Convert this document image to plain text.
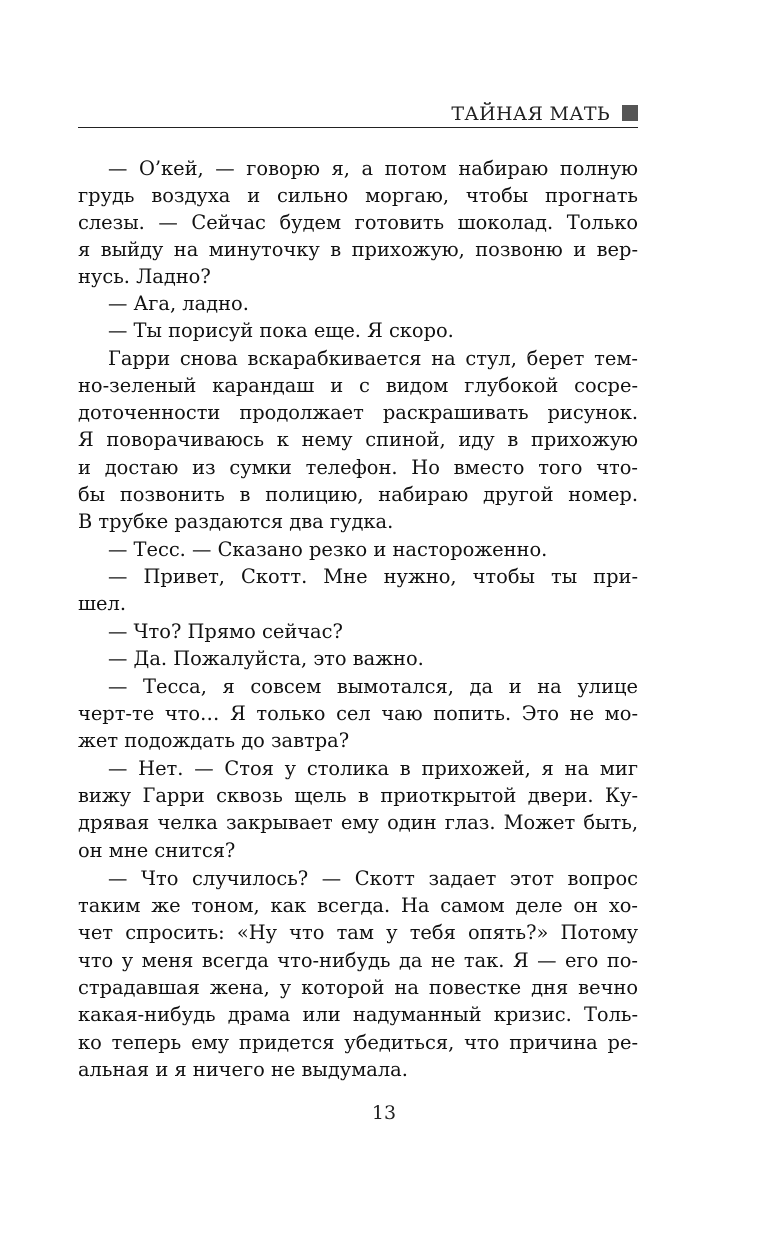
ТАЙНАЯ МАТЬ
— О’кей, — говорю я, а потом набираю полную
грудь воздуха и сильно моргаю, чтобы прогнать
слезы. — Сейчас будем готовить шоколад. Только
я выйду на минуточку в прихожую, позвоню и вер-
нусь. Ладно?
— Ага, ладно.
— Ты порисуй пока еще. Я скоро.
Гарри снова вскарабкивается на стул, берет тем-
но-зеленый карандаш и с видом глубокой сосре-
доточенности продолжает раскрашивать рисунок.
Я поворачиваюсь к нему спиной, иду в прихожую
и достаю из сумки телефон. Но вместо того что-
бы позвонить в полицию, набираю другой номер.
В трубке раздаются два гудка.
— Тесс. — Сказано резко и настороженно.
— Привет, Скотт. Мне нужно, чтобы ты при-
шел.
— Что? Прямо сейчас?
— Да. Пожалуйста, это важно.
— Тесса, я совсем вымотался, да и на улице
черт-те что… Я только сел чаю попить. Это не мо-
жет подождать до завтра?
— Нет. — Стоя у столика в прихожей, я на миг
вижу Гарри сквозь щель в приоткрытой двери. Ку-
дрявая челка закрывает ему один глаз. Может быть,
он мне снится?
— Что случилось? — Скотт задает этот вопрос
таким же тоном, как всегда. На самом деле он хо-
чет спросить: «Ну что там у тебя опять?» Потому
что у меня всегда что-нибудь да не так. Я — его по-
страдавшая жена, у которой на повестке дня вечно
какая-нибудь драма или надуманный кризис. Толь-
ко теперь ему придется убедиться, что причина ре-
альная и я ничего не выдумала.
13
